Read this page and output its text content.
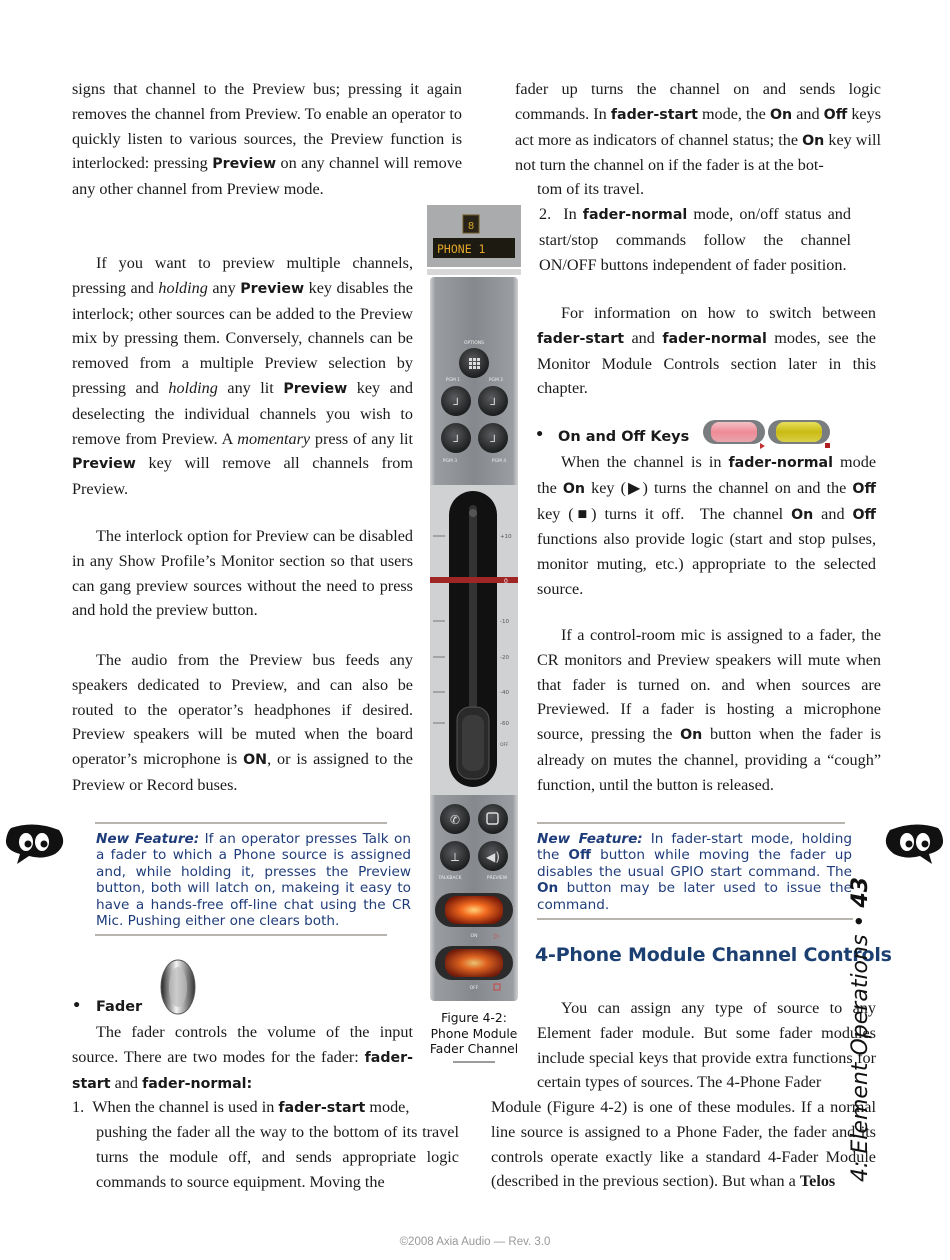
signs that channel to the Preview bus; pressing it again removes the channel from Preview. To enable an operator to quickly listen to various sources, the Preview function is interlocked: pressing Preview on any channel will remove any other channel from Preview mode.

If you want to preview multiple channels, pressing and holding any Preview key disables the interlock; other sources can be added to the Preview mix by pressing them. Conversely, channels can be removed from a multiple Preview selection by pressing and holding any lit Preview key and deselecting the individual channels you wish to remove from Preview. A momentary press of any lit Preview key will remove all channels from Preview.

The interlock option for Preview can be disabled in any Show Profile’s Monitor section so that users can gang preview sources without the need to press and hold the preview button.

The audio from the Preview bus feeds any speakers dedicated to Preview, and can also be routed to the operator’s headphones if desired. Preview speakers will be muted when the board operator’s microphone is ON, or is assigned to the Preview or Record buses.

New Feature: If an operator presses Talk on a fader to which a Phone source is assigned and, while holding it, presses the Preview button, both will latch on, makeing it easy to have a hands-free off-line chat using the CR Mic. Pushing either one clears both.
• Fader

The fader controls the volume of the input source. There are two modes for the fader: fader-start and fader-normal:

1.  When the channel is used in fader-start mode,

pushing the fader all the way to the bottom of its travel turns the module off, and sends appropriate logic commands to source equipment. Moving the

fader up turns the channel on and sends logic commands. In fader-start mode, the On and Off keys act more as indicators of channel status; the On key will not turn the channel on if the fader is at the bot-

tom of its travel.

2.  In fader-normal mode, on/off status and start/stop commands follow the channel ON/OFF buttons independent of fader position.

For information on how to switch between fader-start and fader-normal modes, see the Monitor Module Controls section later in this chapter.

• On and Off Keys

When the channel is in fader-normal mode the On key (▶) turns the channel on and the Off key (■) turns it off.  The channel On and Off functions also provide logic (start and stop pulses, monitor muting, etc.) appropriate to the selected source.

If a control-room mic is assigned to a fader, the CR monitors and Preview speakers will mute when that fader is turned on. and when sources are Previewed. If a fader is hosting a microphone source, pressing the On button when the fader is already on mutes the channel, providing a “cough” function, until the button is released.

New Feature: In fader-start mode, holding the Off button while moving the fader up disables the usual GPIO start command. The On button may be later used to issue the command.
4-Phone Module Channel Controls

You can assign any type of source to any Element fader module. But some fader modules include special keys that provide extra functions for certain types of sources. The 4-Phone Fader

Module (Figure 4-2) is one of these modules. If a normal line source is assigned to a Phone Fader, the fader and its controls operate exactly like a standard 4-Fader Module (described in the previous section). But whan a Telos

8
PHONE 1
OPTIONS
PGM 1	PGM 2
⅃	⅃
⅃	⅃
PGM 3	PGM 4
+10
-10
-20
-40
-60
OFF
0
✆
⟂ ◀)
TALKBACK	PREVIEW
ON ▷
OFF
Figure 4-2:
Phone Module
Fader Channel	4: Element Operations • 43
©2008 Axia Audio — Rev. 3.0
